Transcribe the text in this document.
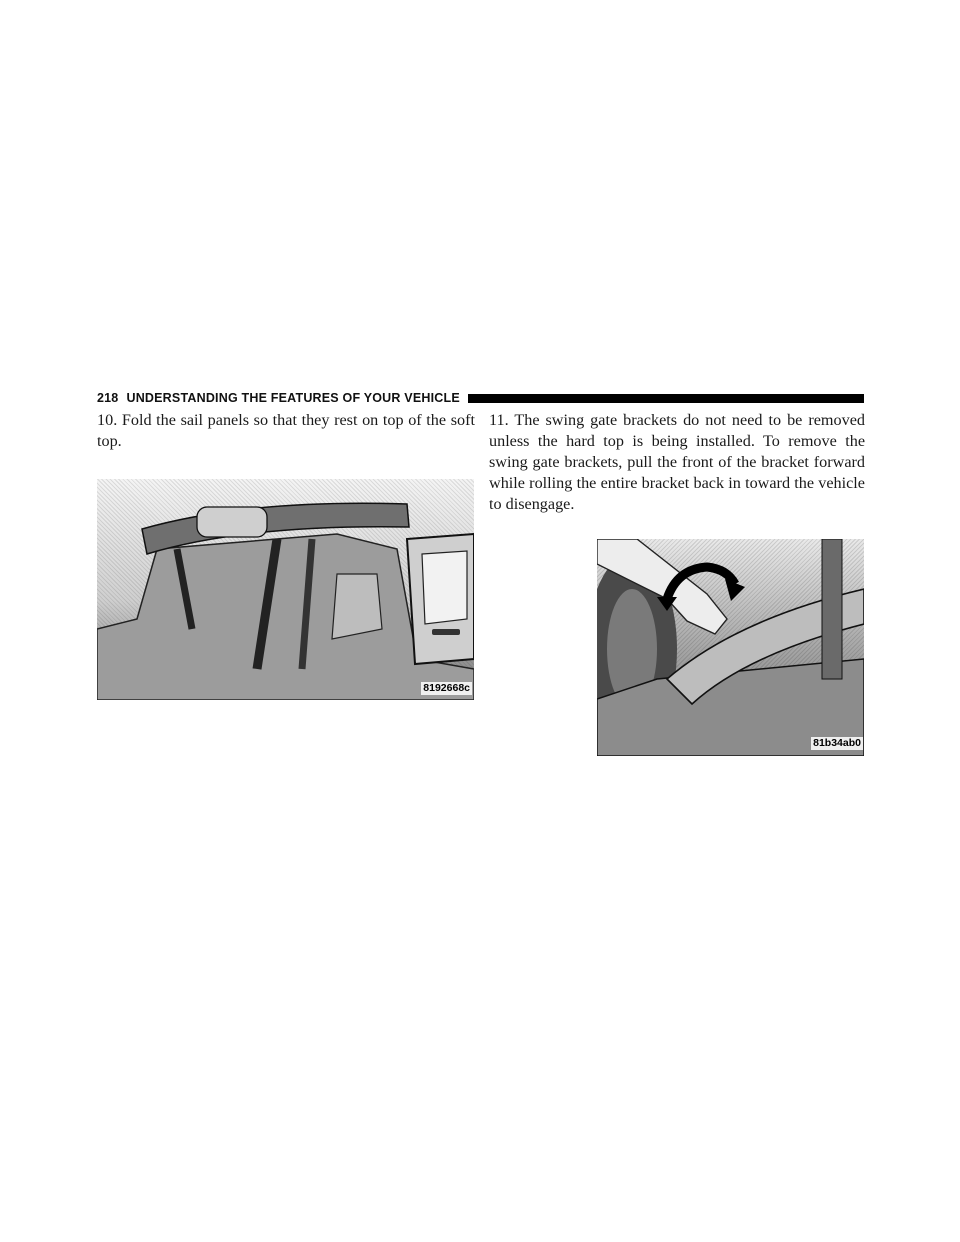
218 UNDERSTANDING THE FEATURES OF YOUR VEHICLE

10. Fold the sail panels so that they rest on top of the soft top.

8192668c

11. The swing gate brackets do not need to be removed unless the hard top is being installed. To remove the swing gate brackets, pull the front of the bracket forward while rolling the entire bracket back in toward the vehicle to disengage.

81b34ab0
